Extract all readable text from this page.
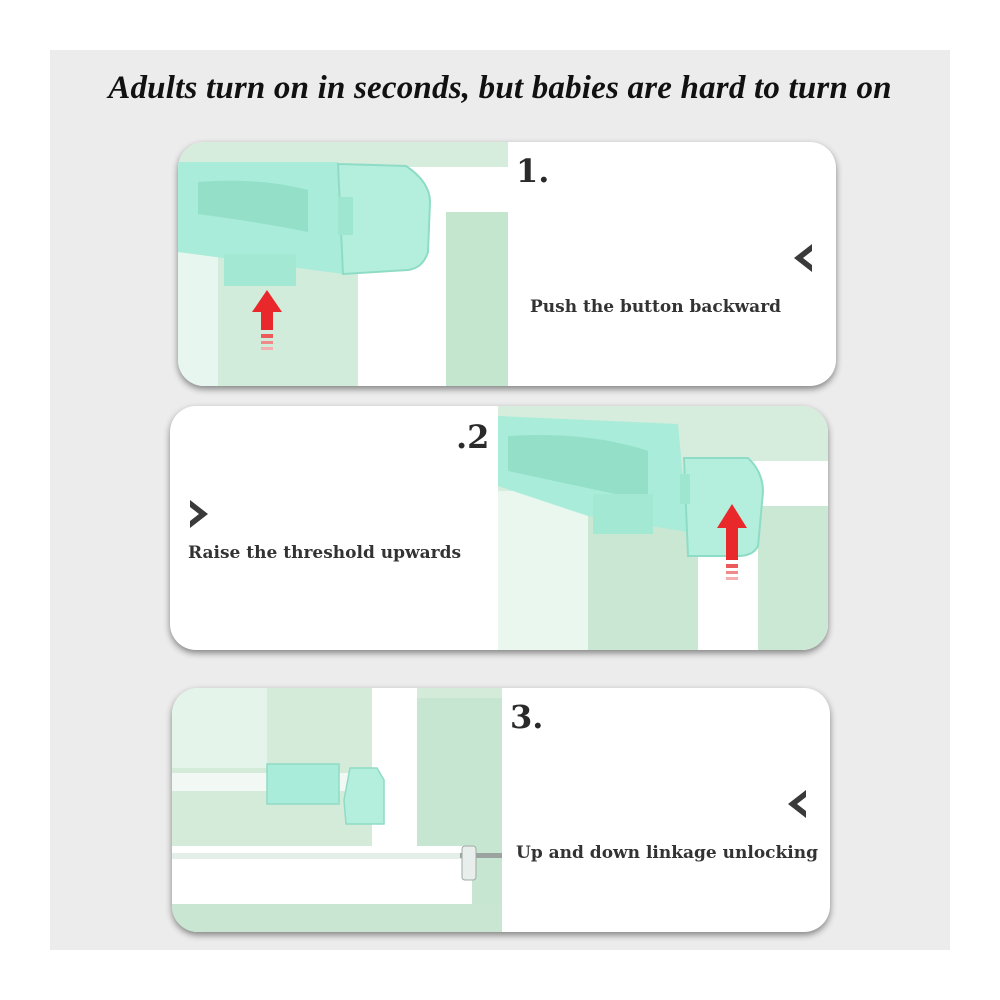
Adults turn on in seconds, but babies are hard to turn on
1.
Push the button backward
.2
Raise the threshold upwards
3.
Up and down linkage unlocking
